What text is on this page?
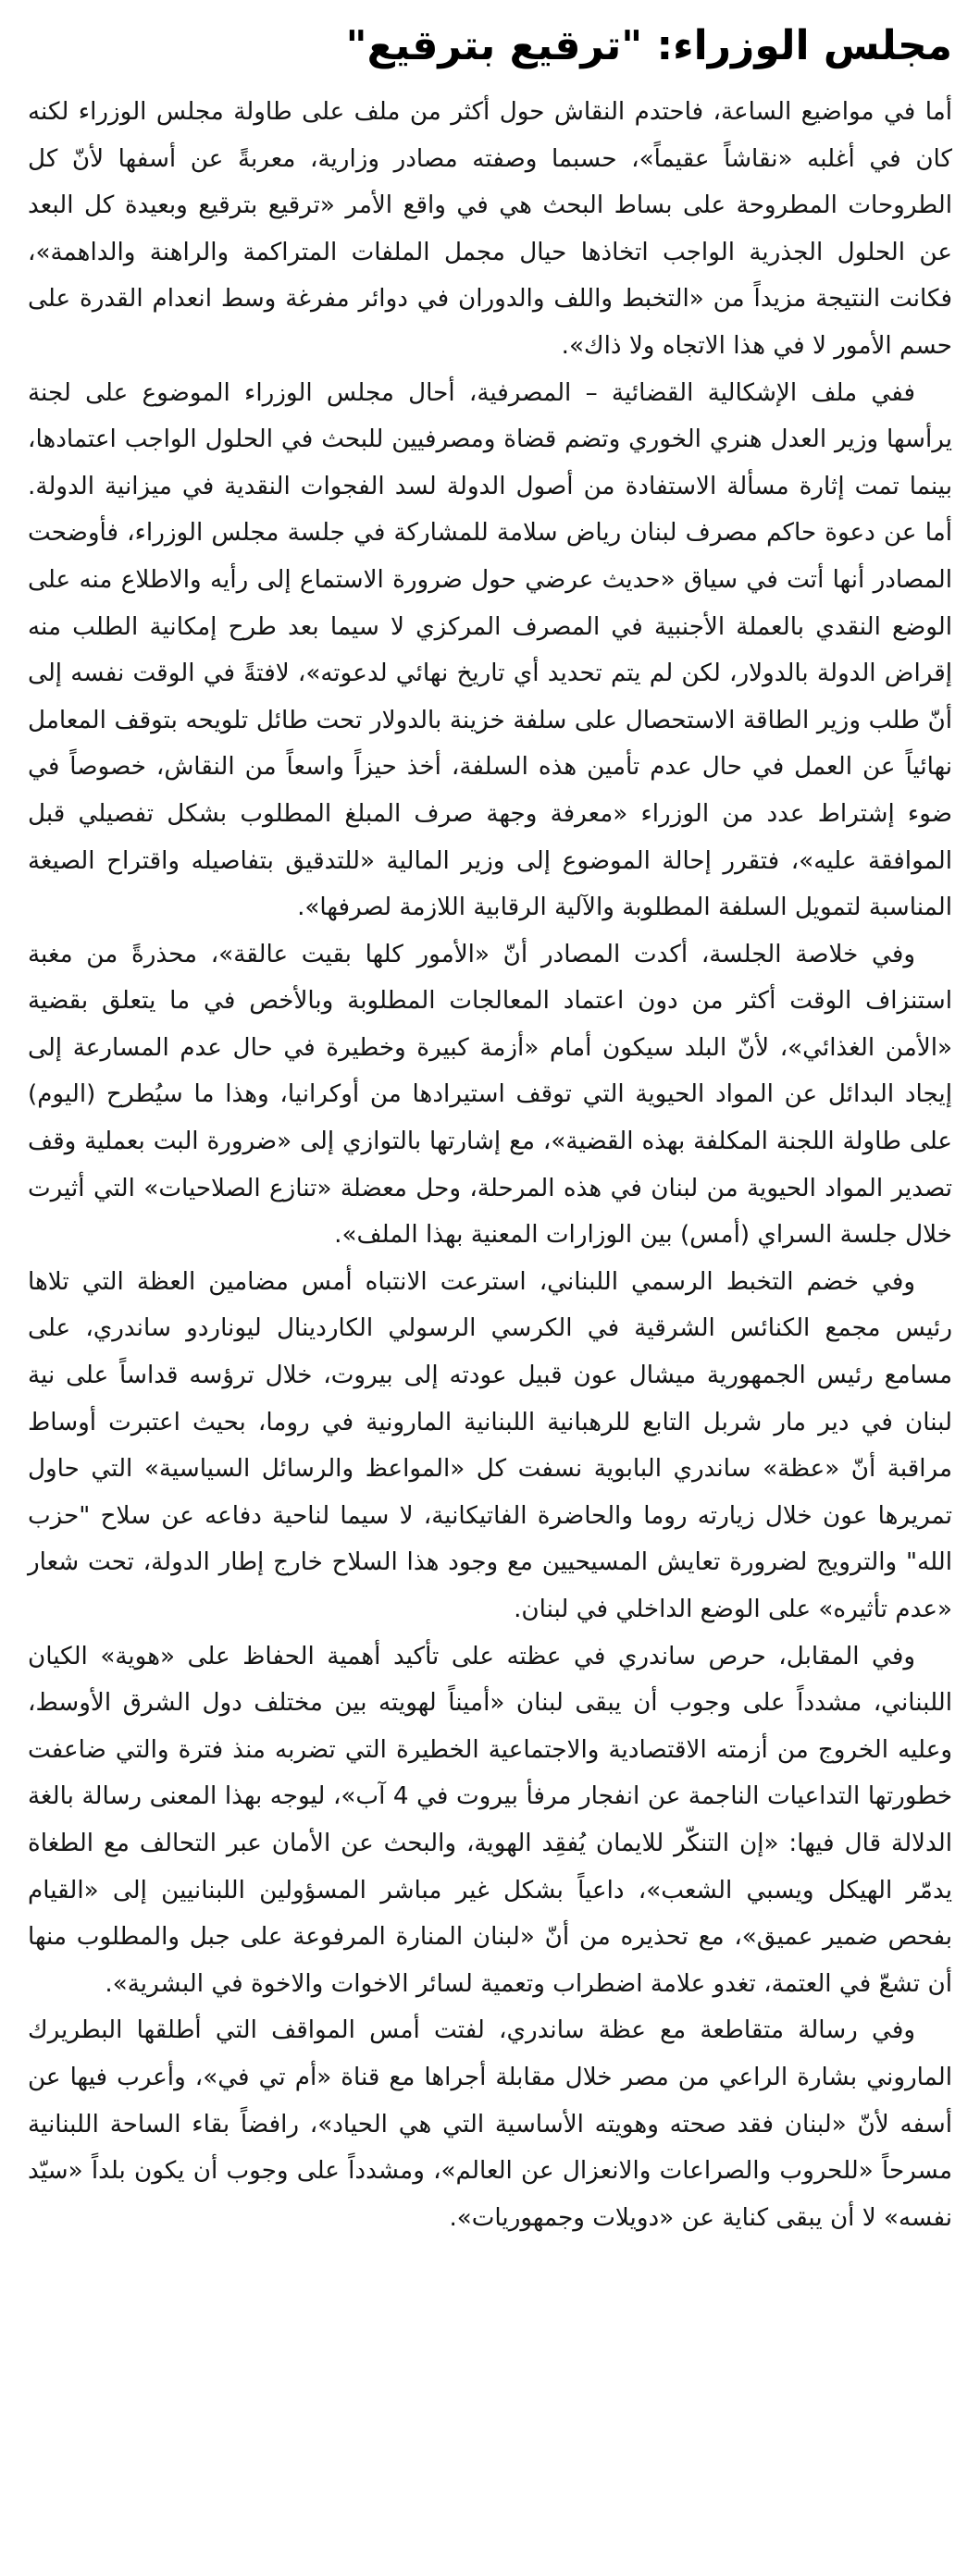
مجلس الوزراء: "ترقيع بترقيع"

أما في مواضيع الساعة، فاحتدم النقاش حول أكثر من ملف على طاولة مجلس الوزراء لكنه كان في أغلبه «نقاشاً عقيماً»، حسبما وصفته مصادر وزارية، معربةً عن أسفها لأنّ كل الطروحات المطروحة على بساط البحث هي في واقع الأمر «ترقيع بترقيع وبعيدة كل البعد عن الحلول الجذرية الواجب اتخاذها حيال مجمل الملفات المتراكمة والراهنة والداهمة»، فكانت النتيجة مزيداً من «التخبط واللف والدوران في دوائر مفرغة وسط انعدام القدرة على حسم الأمور لا في هذا الاتجاه ولا ذاك».

ففي ملف الإشكالية القضائية – المصرفية، أحال مجلس الوزراء الموضوع على لجنة يرأسها وزير العدل هنري الخوري وتضم قضاة ومصرفيين للبحث في الحلول الواجب اعتمادها، بينما تمت إثارة مسألة الاستفادة من أصول الدولة لسد الفجوات النقدية في ميزانية الدولة. أما عن دعوة حاكم مصرف لبنان رياض سلامة للمشاركة في جلسة مجلس الوزراء، فأوضحت المصادر أنها أتت في سياق «حديث عرضي حول ضرورة الاستماع إلى رأيه والاطلاع منه على الوضع النقدي بالعملة الأجنبية في المصرف المركزي لا سيما بعد طرح إمكانية الطلب منه إقراض الدولة بالدولار، لكن لم يتم تحديد أي تاريخ نهائي لدعوته»، لافتةً في الوقت نفسه إلى أنّ طلب وزير الطاقة الاستحصال على سلفة خزينة بالدولار تحت طائل تلويحه بتوقف المعامل نهائياً عن العمل في حال عدم تأمين هذه السلفة، أخذ حيزاً واسعاً من النقاش، خصوصاً في ضوء إشتراط عدد من الوزراء «معرفة وجهة صرف المبلغ المطلوب بشكل تفصيلي قبل الموافقة عليه»، فتقرر إحالة الموضوع إلى وزير المالية «للتدقيق بتفاصيله واقتراح الصيغة المناسبة لتمويل السلفة المطلوبة والآلية الرقابية اللازمة لصرفها».

وفي خلاصة الجلسة، أكدت المصادر أنّ «الأمور كلها بقيت عالقة»، محذرةً من مغبة استنزاف الوقت أكثر من دون اعتماد المعالجات المطلوبة وبالأخص في ما يتعلق بقضية «الأمن الغذائي»، لأنّ البلد سيكون أمام «أزمة كبيرة وخطيرة في حال عدم المسارعة إلى إيجاد البدائل عن المواد الحيوية التي توقف استيرادها من أوكرانيا، وهذا ما سيُطرح (اليوم) على طاولة اللجنة المكلفة بهذه القضية»، مع إشارتها بالتوازي إلى «ضرورة البت بعملية وقف تصدير المواد الحيوية من لبنان في هذه المرحلة، وحل معضلة «تنازع الصلاحيات» التي أثيرت خلال جلسة السراي (أمس) بين الوزارات المعنية بهذا الملف».

وفي خضم التخبط الرسمي اللبناني، استرعت الانتباه أمس مضامين العظة التي تلاها رئيس مجمع الكنائس الشرقية في الكرسي الرسولي الكاردينال ليوناردو ساندري، على مسامع رئيس الجمهورية ميشال عون قبيل عودته إلى بيروت، خلال ترؤسه قداساً على نية لبنان في دير مار شربل التابع للرهبانية اللبنانية المارونية في روما، بحيث اعتبرت أوساط مراقبة أنّ «عظة» ساندري البابوية نسفت كل «المواعظ والرسائل السياسية» التي حاول تمريرها عون خلال زيارته روما والحاضرة الفاتيكانية، لا سيما لناحية دفاعه عن سلاح "حزب الله" والترويج لضرورة تعايش المسيحيين مع وجود هذا السلاح خارج إطار الدولة، تحت شعار «عدم تأثيره» على الوضع الداخلي في لبنان.

وفي المقابل، حرص ساندري في عظته على تأكيد أهمية الحفاظ على «هوية» الكيان اللبناني، مشدداً على وجوب أن يبقى لبنان «أميناً لهويته بين مختلف دول الشرق الأوسط، وعليه الخروج من أزمته الاقتصادية والاجتماعية الخطيرة التي تضربه منذ فترة والتي ضاعفت خطورتها التداعيات الناجمة عن انفجار مرفأ بيروت في 4 آب»، ليوجه بهذا المعنى رسالة بالغة الدلالة قال فيها: «إن التنكّر للايمان يُفقِد الهوية، والبحث عن الأمان عبر التحالف مع الطغاة يدمّر الهيكل ويسبي الشعب»، داعياً بشكل غير مباشر المسؤولين اللبنانيين إلى «القيام بفحص ضمير عميق»، مع تحذيره من أنّ «لبنان المنارة المرفوعة على جبل والمطلوب منها أن تشعّ في العتمة، تغدو علامة اضطراب وتعمية لسائر الاخوات والاخوة في البشرية».

وفي رسالة متقاطعة مع عظة ساندري، لفتت أمس المواقف التي أطلقها البطريرك الماروني بشارة الراعي من مصر خلال مقابلة أجراها مع قناة «أم تي في»، وأعرب فيها عن أسفه لأنّ «لبنان فقد صحته وهويته الأساسية التي هي الحياد»، رافضاً بقاء الساحة اللبنانية مسرحاً «للحروب والصراعات والانعزال عن العالم»، ومشدداً على وجوب أن يكون بلداً «سيّد نفسه» لا أن يبقى كناية عن «دويلات وجمهوريات».
